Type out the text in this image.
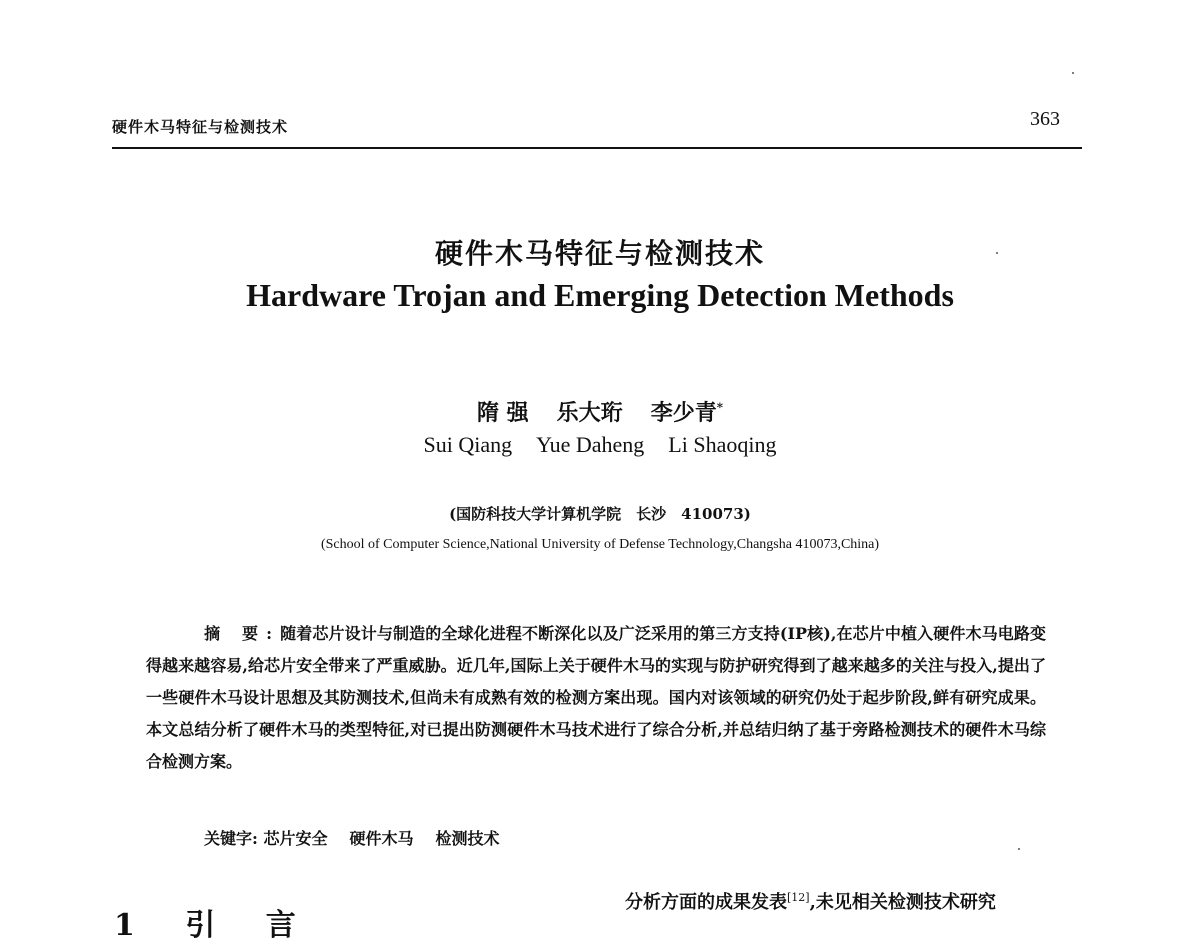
硬件木马特征与检测技术	363
硬件木马特征与检测技术
Hardware Trojan and Emerging Detection Methods
隋 强 乐大珩 李少青*
Sui Qiang Yue Daheng Li Shaoqing
(国防科技大学计算机学院　长沙　410073)
(School of Computer Science,National University of Defense Technology,Changsha 410073,China)
摘 要:随着芯片设计与制造的全球化进程不断深化以及广泛采用的第三方支持(IP核),在芯片中植入硬件木马电路变得越来越容易,给芯片安全带来了严重威胁。近几年,国际上关于硬件木马的实现与防护研究得到了越来越多的关注与投入,提出了一些硬件木马设计思想及其防测技术,但尚未有成熟有效的检测方案出现。国内对该领域的研究仍处于起步阶段,鲜有研究成果。本文总结分析了硬件木马的类型特征,对已提出防测硬件木马技术进行了综合分析,并总结归纳了基于旁路检测技术的硬件木马综合检测方案。
关键字: 芯片安全 硬件木马 检测技术
1 引 言
分析方面的成果发表[12],未见相关检测技术研究
